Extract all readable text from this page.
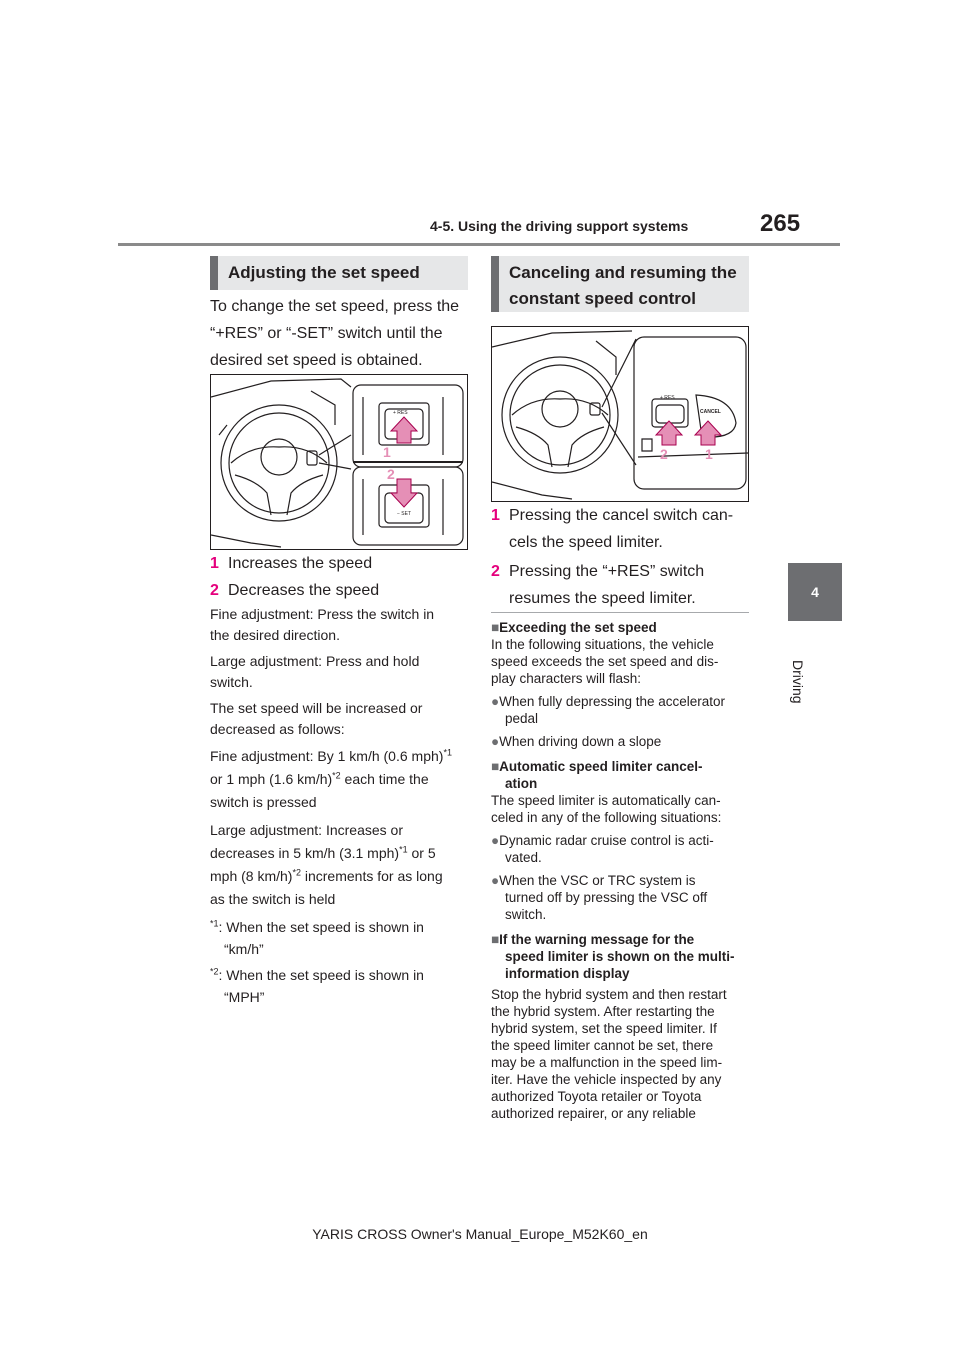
4-5. Using the driving support systems	265
4
Driving
Adjusting the set speed
To change the set speed, press the
“+RES” or “-SET” switch until the
desired set speed is obtained.
+ RES
− SET
1
2
1 Increases the speed
2 Decreases the speed
Fine adjustment: Press the switch in
the desired direction.
Large adjustment: Press and hold
switch.
The set speed will be increased or
decreased as follows:
Fine adjustment: By 1 km/h (0.6 mph)$^{*1}$
or 1 mph (1.6 km/h)$^{*2}$ each time the
switch is pressed
Large adjustment: Increases or
decreases in 5 km/h (3.1 mph)$^{*1}$ or 5
mph (8 km/h)$^{*2}$ increments for as long
as the switch is held
$^{*1}$: When the set speed is shown in
“km/h”
$^{*2}$: When the set speed is shown in
“MPH”
Canceling and resuming the
constant speed control
+ RES
CANCEL
2	1
1 Pressing the cancel switch can-
cels the speed limiter.
2 Pressing the “+RES” switch
resumes the speed limiter.
■Exceeding the set speed
In the following situations, the vehicle
speed exceeds the set speed and dis-
play characters will flash:
●When fully depressing the accelerator
pedal
●When driving down a slope
■Automatic speed limiter cancel-
ation
The speed limiter is automatically can-
celed in any of the following situations:
●Dynamic radar cruise control is acti-
vated.
●When the VSC or TRC system is
turned off by pressing the VSC off
switch.
■If the warning message for the
speed limiter is shown on the multi-
information display
Stop the hybrid system and then restart
the hybrid system. After restarting the
hybrid system, set the speed limiter. If
the speed limiter cannot be set, there
may be a malfunction in the speed lim-
iter. Have the vehicle inspected by any
authorized Toyota retailer or Toyota
authorized repairer, or any reliable
YARIS CROSS Owner's Manual_Europe_M52K60_en
